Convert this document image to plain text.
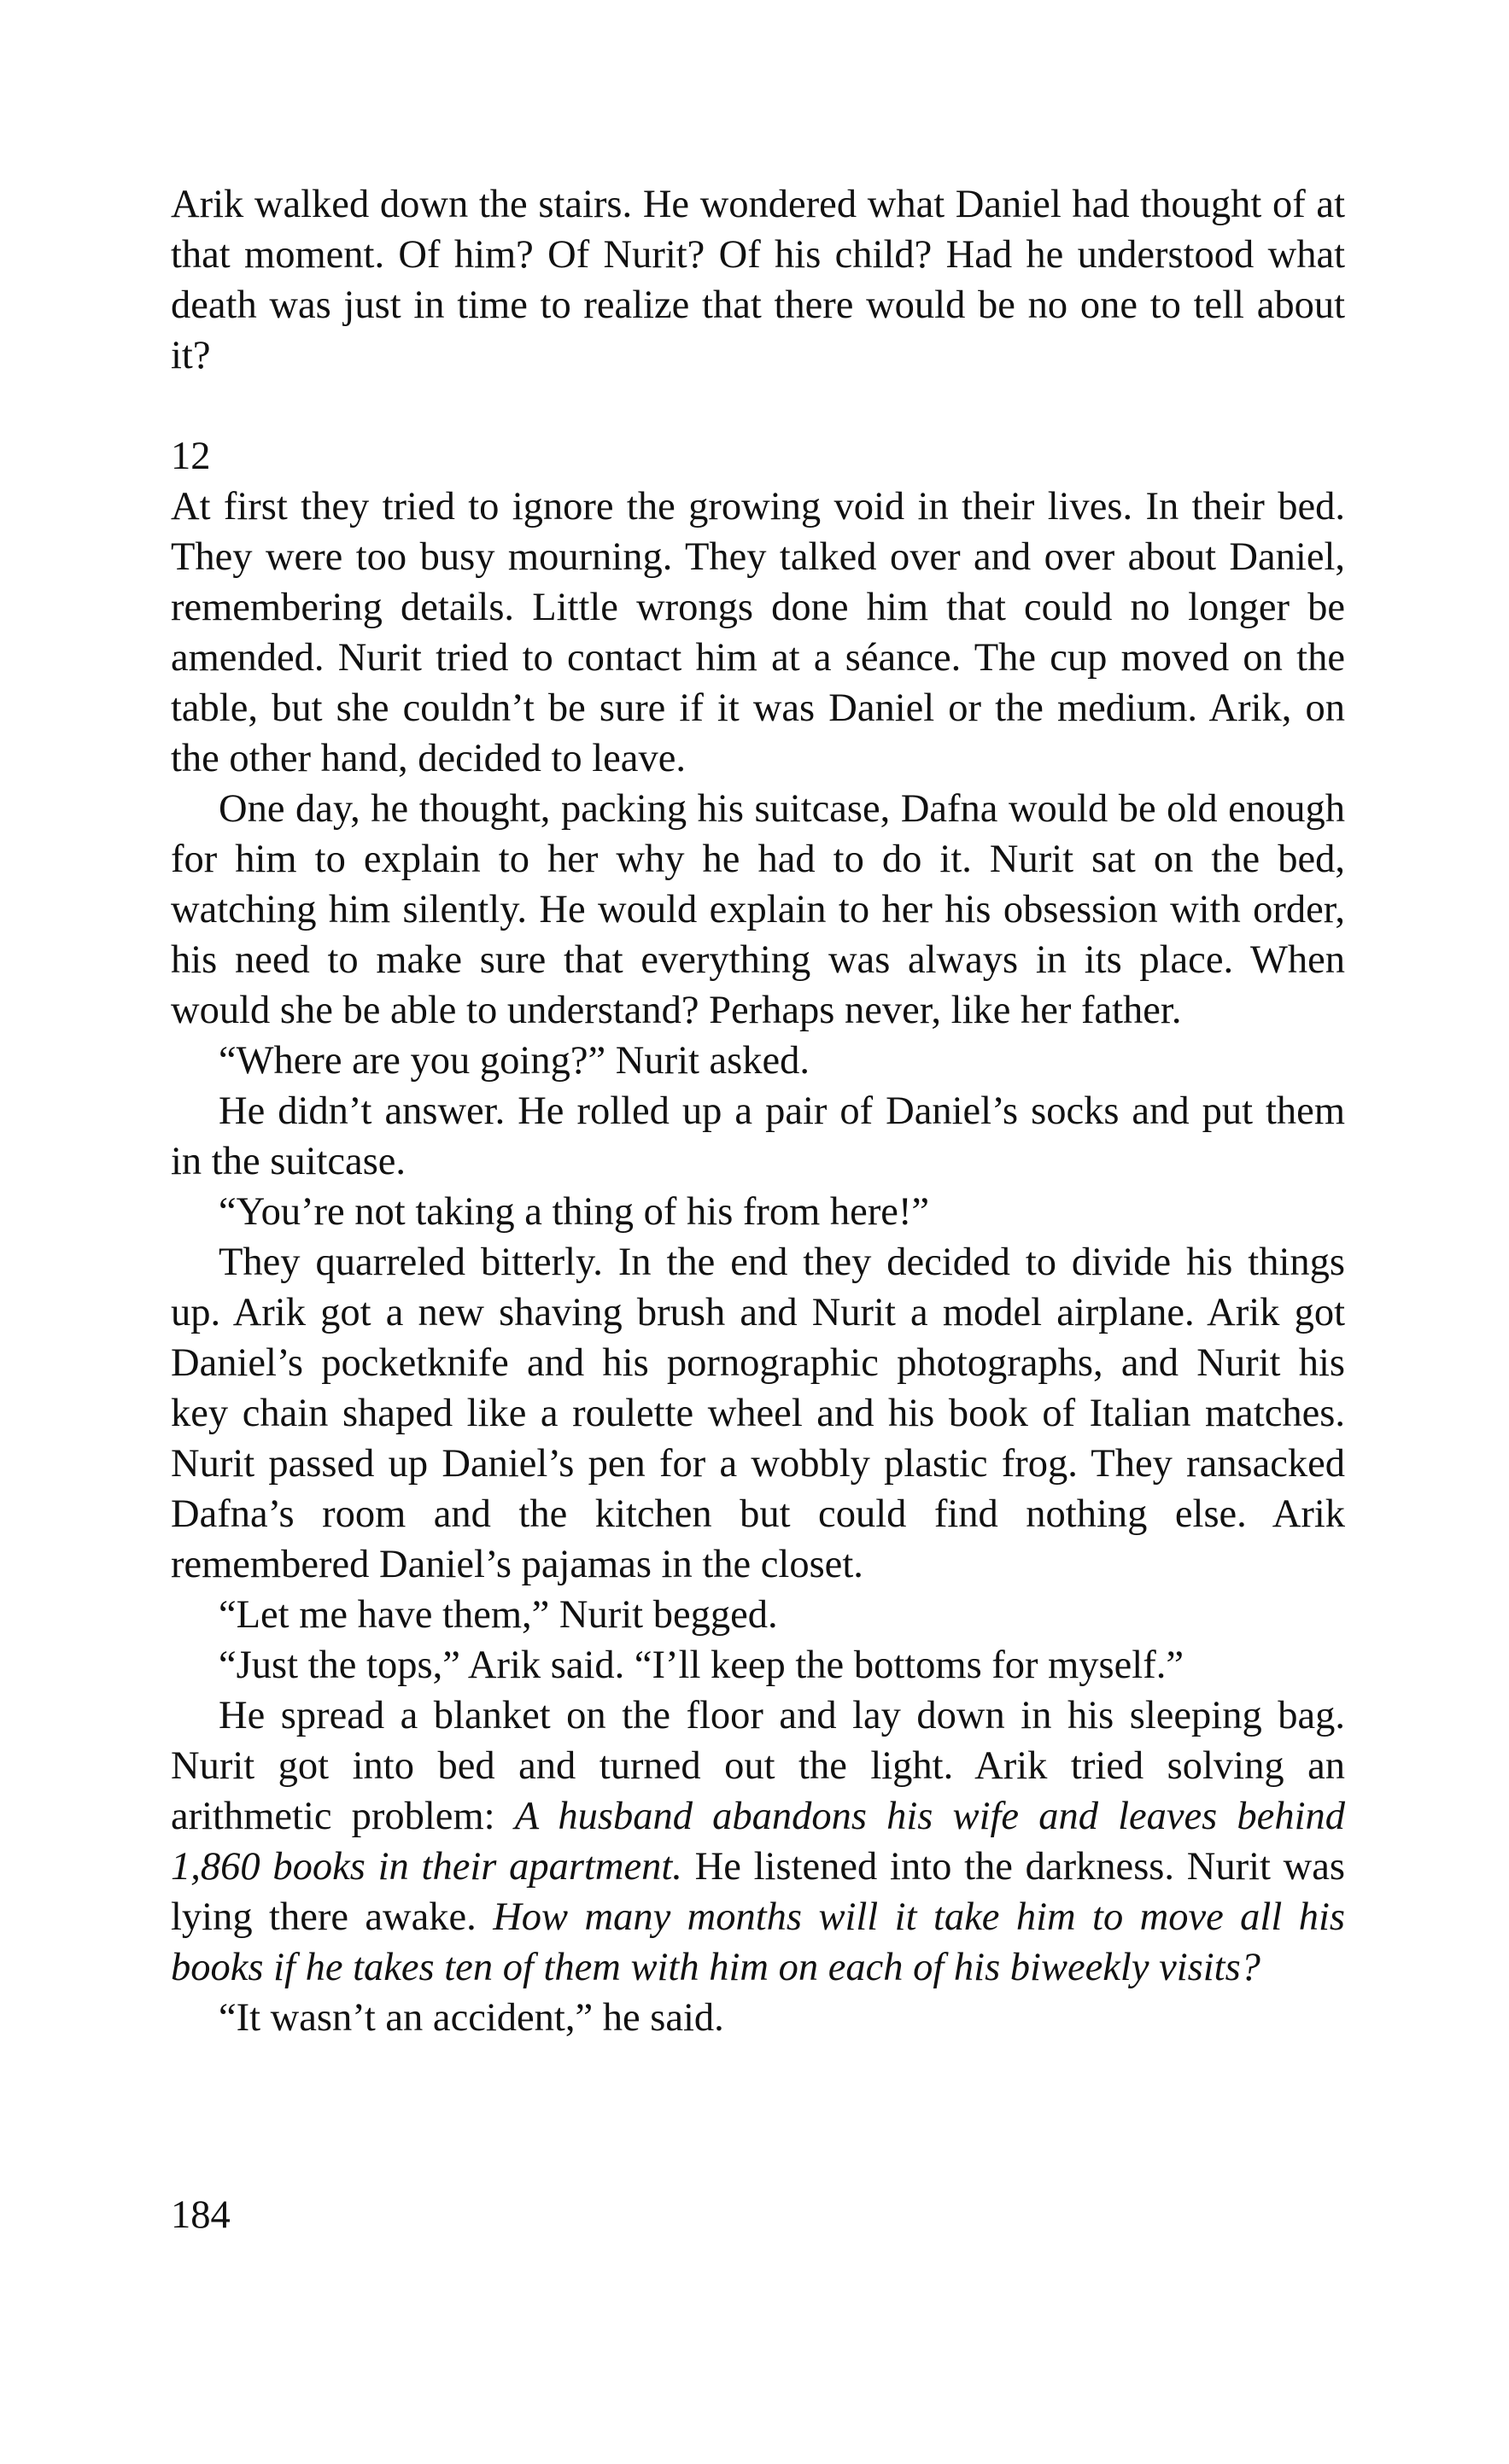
Arik walked down the stairs. He wondered what Daniel had thought of at that moment. Of him? Of Nurit? Of his child? Had he understood what death was just in time to realize that there would be no one to tell about it?

12

At first they tried to ignore the growing void in their lives. In their bed. They were too busy mourning. They talked over and over about Daniel, remembering details. Little wrongs done him that could no longer be amended. Nurit tried to contact him at a séance. The cup moved on the table, but she couldn’t be sure if it was Daniel or the medium. Arik, on the other hand, decided to leave.

One day, he thought, packing his suitcase, Dafna would be old enough for him to explain to her why he had to do it. Nurit sat on the bed, watching him silently. He would explain to her his obsession with order, his need to make sure that everything was always in its place. When would she be able to understand? Perhaps never, like her father.

“Where are you going?” Nurit asked.

He didn’t answer. He rolled up a pair of Daniel’s socks and put them in the suitcase.

“You’re not taking a thing of his from here!”

They quarreled bitterly. In the end they decided to divide his things up. Arik got a new shaving brush and Nurit a model airplane. Arik got Daniel’s pocketknife and his pornographic photographs, and Nurit his key chain shaped like a roulette wheel and his book of Italian matches. Nurit passed up Daniel’s pen for a wobbly plastic frog. They ransacked Dafna’s room and the kitchen but could find nothing else. Arik remembered Daniel’s pajamas in the closet.

“Let me have them,” Nurit begged.

“Just the tops,” Arik said. “I’ll keep the bottoms for myself.”

He spread a blanket on the floor and lay down in his sleeping bag. Nurit got into bed and turned out the light. Arik tried solving an arithmetic problem: A husband abandons his wife and leaves behind 1,860 books in their apartment. He listened into the darkness. Nurit was lying there awake. How many months will it take him to move all his books if he takes ten of them with him on each of his biweekly visits?

“It wasn’t an accident,” he said.

184
